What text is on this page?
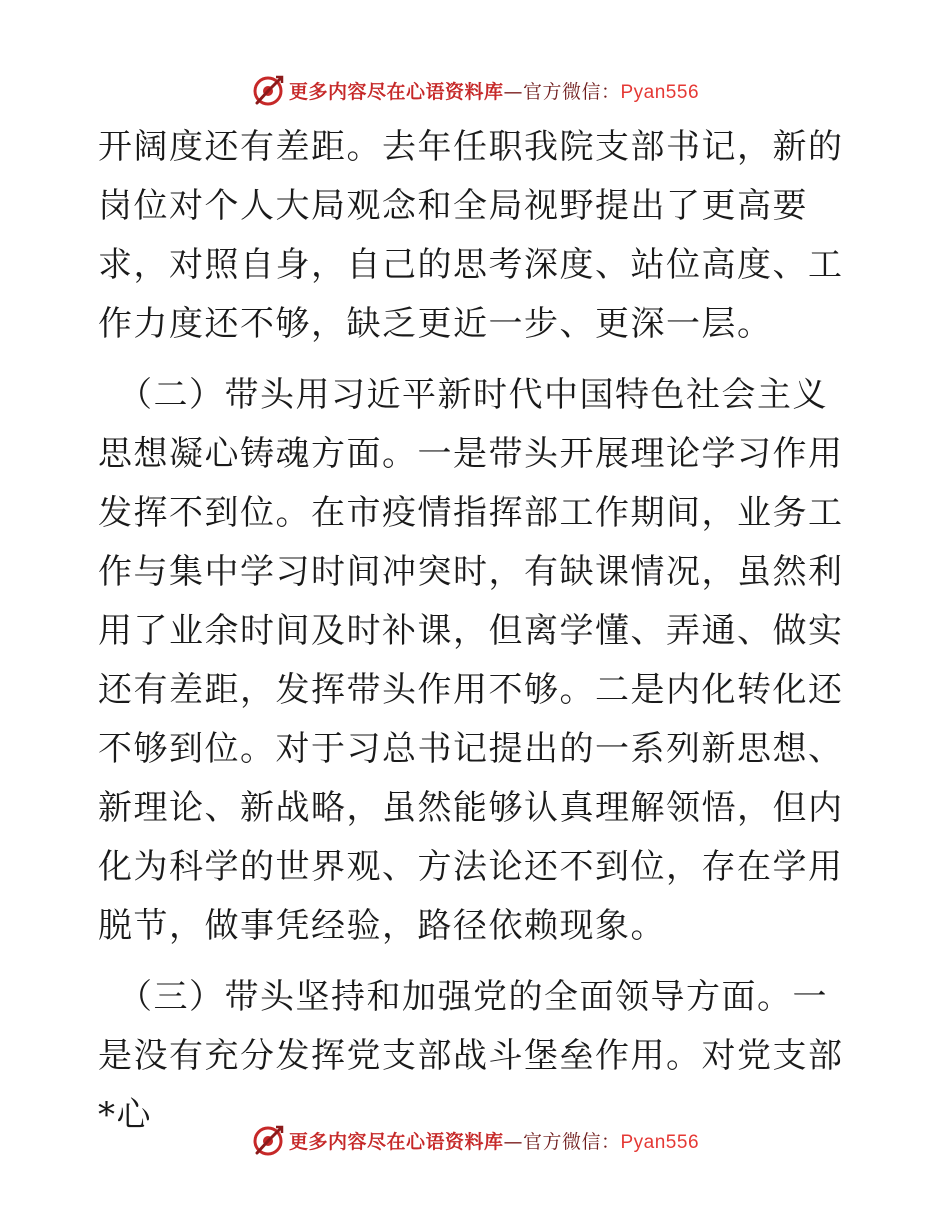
更多内容尽在心语资料库—官方微信：Pyan556

开阔度还有差距。去年任职我院支部书记，新的岗位对个人大局观念和全局视野提出了更高要求，对照自身，自己的思考深度、站位高度、工作力度还不够，缺乏更近一步、更深一层。

（二）带头用习近平新时代中国特色社会主义思想凝心铸魂方面。一是带头开展理论学习作用发挥不到位。在市疫情指挥部工作期间，业务工作与集中学习时间冲突时，有缺课情况，虽然利用了业余时间及时补课，但离学懂、弄通、做实还有差距，发挥带头作用不够。二是内化转化还不够到位。对于习总书记提出的一系列新思想、新理论、新战略，虽然能够认真理解领悟，但内化为科学的世界观、方法论还不到位，存在学用脱节，做事凭经验，路径依赖现象。

（三）带头坚持和加强党的全面领导方面。一是没有充分发挥党支部战斗堡垒作用。对党支部*心

更多内容尽在心语资料库—官方微信：Pyan556
